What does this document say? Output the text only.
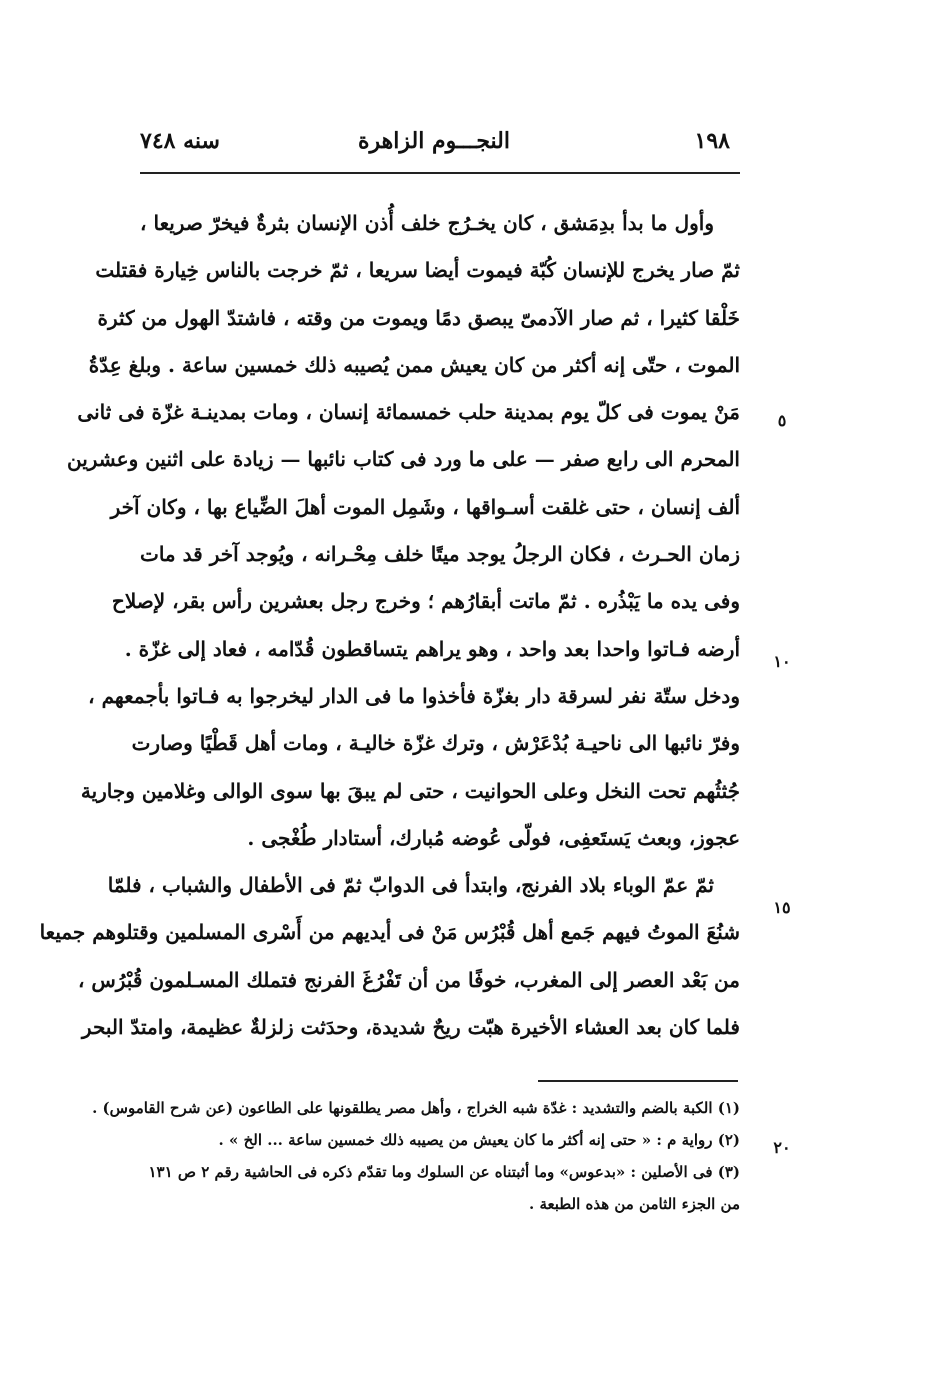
١٩٨
النجـــوم الزاهرة
سنه ٧٤٨
وأول ما بدأ بدِمَشق ، كان يخـرُج خلف أُذن الإنسان بثرةٌ فيخرّ صريعا ،
ثمّ صار يخرج للإنسان كُبّة فيموت أيضا سريعا ، ثمّ خرجت بالناس خِيارة فقتلت
خَلْقا كثيرا ، ثم صار الآدمىّ يبصق دمًا ويموت من وقته ، فاشتدّ الهول من كثرة
الموت ، حتّى إنه أكثر من كان يعيش ممن يُصيبه ذلك خمسين ساعة . وبلغ عِدّةُ
مَنْ يموت فى كلّ يوم بمدينة حلب خمسمائة إنسان ، ومات بمدينـة غزّة فى ثانى
المحرم الى رابع صفر — على ما ورد فى كتاب نائبها — زيادة على اثنين وعشرين
ألف إنسان ، حتى غلقت أسـواقها ، وشَمِل الموت أهلَ الضِّياع بها ، وكان آخر
زمان الحـرث ، فكان الرجلُ يوجد ميتًا خلف مِحْـرانه ، ويُوجد آخر قد مات
وفى يده ما يَبْذُره . ثمّ ماتت أبقارُهم ؛ وخرج رجل بعشرين رأس بقر، لإصلاح
أرضه فـاتوا واحدا بعد واحد ، وهو يراهم يتساقطون قُدّامه ، فعاد إلى غزّة .
ودخل ستّة نفر لسرقة دار بغزّة فأخذوا ما فى الدار ليخرجوا به فـاتوا بأجمعهم ،
وفرّ نائبها الى ناحيـة بُدْعَرْش ، وترك غزّة خاليـة ، ومات أهل قَطْيًا وصارت
جُثثُهم تحت النخل وعلى الحوانيت ، حتى لم يبقَ بها سوى الوالى وغلامين وجارية
عجوز، وبعث يَستَعفِى، فولّى عُوضه مُبارك، أستادار طُغْجى .
ثمّ عمّ الوباء بلاد الفرنج، وابتدأ فى الدوابّ ثمّ فى الأطفال والشباب ، فلمّا
شنُعَ الموتُ فيهم جَمع أهل قُبْرُس مَنْ فى أيديهم من أَسْرى المسلمين وقتلوهم جميعا
من بَعْد العصر إلى المغرب، خوفًا من أن تَفْرُغَ الفرنج فتملك المسـلمون قُبْرُس ،
فلما كان بعد العشاء الأخيرة هبّت ريحٌ شديدة، وحدَثت زلزلةٌ عظيمة، وامتدّ البحر
٥
١٠
١٥
٢٠
(١) الكبة بالضم والتشديد : غدّة شبه الخراج ، وأهل مصر يطلقونها على الطاعون (عن شرح القاموس) .
(٢) رواية م : « حتى إنه أكثر ما كان يعيش من يصيبه ذلك خمسين ساعة ... الخ » .
(٣) فى الأصلين : «بدعوس» وما أثبتناه عن السلوك وما تقدّم ذكره فى الحاشية رقم ٢ ص ١٣١
من الجزء الثامن من هذه الطبعة .
